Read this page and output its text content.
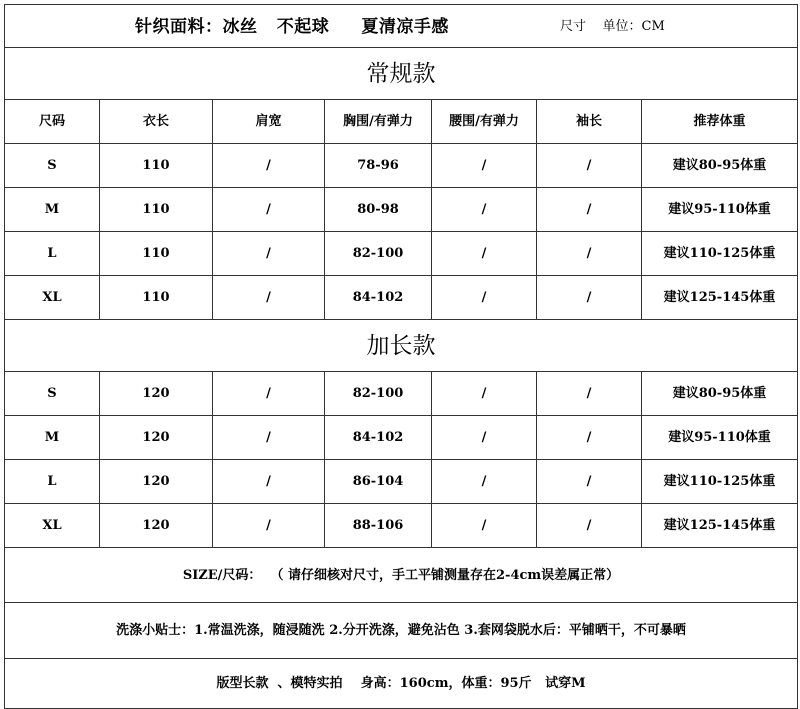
针织面料：冰丝   不起球     夏清凉手感	尺寸    单位：CM
常规款
尺码	衣长	肩宽	胸围/有弹力	腰围/有弹力	袖长	推荐体重
S	110	/	78-96	/	/	建议80-95体重
M	110	/	80-98	/	/	建议95-110体重
L	110	/	82-100	/	/	建议110-125体重
XL	110	/	84-102	/	/	建议125-145体重
加长款
S	120	/	82-100	/	/	建议80-95体重
M	120	/	84-102	/	/	建议95-110体重
L	120	/	86-104	/	/	建议110-125体重
XL	120	/	88-106	/	/	建议125-145体重
SIZE/尺码：  （ 请仔细核对尺寸，手工平铺测量存在2-4cm误差属正常）
洗涤小贴士：1.常温洗涤，随浸随洗 2.分开洗涤，避免沾色 3.套网袋脱水后：平铺晒干，不可暴晒
版型长款  、模特实拍    身高：160cm，体重：95斤   试穿M
